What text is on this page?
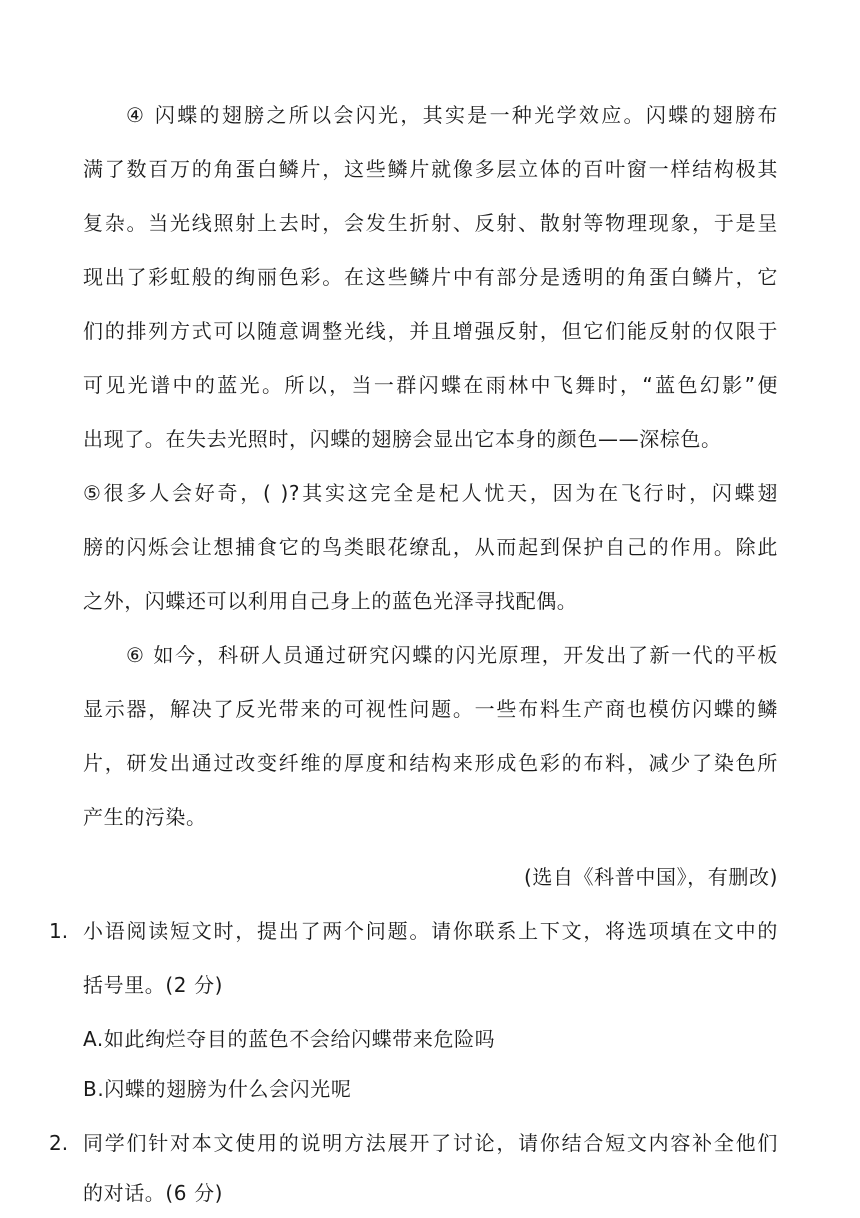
④ 闪蝶的翅膀之所以会闪光，其实是一种光学效应。闪蝶的翅膀布
满了数百万的角蛋白鳞片，这些鳞片就像多层立体的百叶窗一样结构极其
复杂。当光线照射上去时，会发生折射、反射、散射等物理现象，于是呈
现出了彩虹般的绚丽色彩。在这些鳞片中有部分是透明的角蛋白鳞片，它
们的排列方式可以随意调整光线，并且增强反射，但它们能反射的仅限于
可见光谱中的蓝光。所以，当一群闪蝶在雨林中飞舞时，“蓝色幻影”便
出现了。在失去光照时，闪蝶的翅膀会显出它本身的颜色——深棕色。
⑤很多人会好奇，( )?其实这完全是杞人忧天，因为在飞行时，闪蝶翅
膀的闪烁会让想捕食它的鸟类眼花缭乱，从而起到保护自己的作用。除此
之外，闪蝶还可以利用自己身上的蓝色光泽寻找配偶。
⑥ 如今，科研人员通过研究闪蝶的闪光原理，开发出了新一代的平板
显示器，解决了反光带来的可视性问题。一些布料生产商也模仿闪蝶的鳞
片，研发出通过改变纤维的厚度和结构来形成色彩的布料，减少了染色所
产生的污染。
(选自《科普中国》，有删改)
1. 小语阅读短文时，提出了两个问题。请你联系上下文，将选项填在文中的
括号里。(2 分)
A.如此绚烂夺目的蓝色不会给闪蝶带来危险吗
B.闪蝶的翅膀为什么会闪光呢
2. 同学们针对本文使用的说明方法展开了讨论，请你结合短文内容补全他们
的对话。(6 分)
